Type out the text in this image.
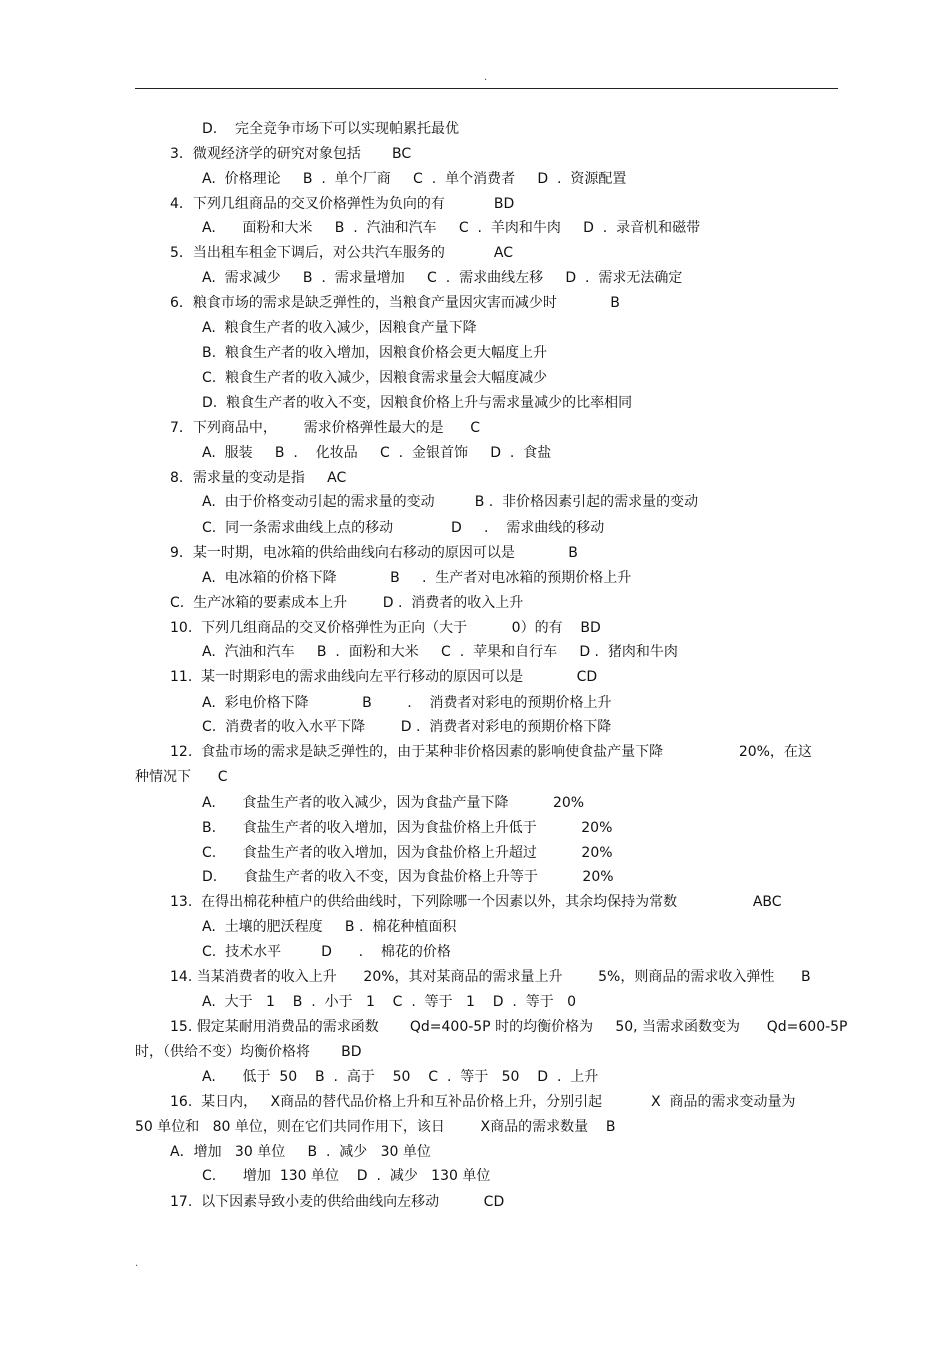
.
D.    完全竞争市场下可以实现帕累托最优
3．微观经济学的研究对象包括       BC
A.  价格理论     B  .  单个厂商     C  .  单个消费者     D  .  资源配置
4．下列几组商品的交叉价格弹性为负向的有           BD
A.      面粉和大米     B  .  汽油和汽车     C  .  羊肉和牛肉     D  .  录音机和磁带
5．当出租车租金下调后，对公共汽车服务的           AC
A.  需求减少     B  .  需求量增加     C  .  需求曲线左移     D  .  需求无法确定
6．粮食市场的需求是缺乏弹性的，当粮食产量因灾害而减少时            B
A.  粮食生产者的收入减少，因粮食产量下降
B.  粮食生产者的收入增加，因粮食价格会更大幅度上升
C.  粮食生产者的收入减少，因粮食需求量会大幅度减少
D.  粮食生产者的收入不变，因粮食价格上升与需求量减少的比率相同
7．下列商品中，      需求价格弹性最大的是      C
A.  服装     B  .    化妆品     C  .  金银首饰     D  .  食盐
8．需求量的变动是指     AC
A.  由于价格变动引起的需求量的变动         B .  非价格因素引起的需求量的变动
C.  同一条需求曲线上点的移动             D     .    需求曲线的移动
9．某一时期，电冰箱的供给曲线向右移动的原因可以是            B
A.  电冰箱的价格下降            B     .  生产者对电冰箱的预期价格上升
C.  生产冰箱的要素成本上升        D .  消费者的收入上升
10.  下列几组商品的交叉价格弹性为正向（大于          0）的有    BD
A.  汽油和汽车     B  .  面粉和大米     C  .  苹果和自行车     D .  猪肉和牛肉
11.  某一时期彩电的需求曲线向左平行移动的原因可以是            CD
A.  彩电价格下降            B        .    消费者对彩电的预期价格上升
C.  消费者的收入水平下降        D .  消费者对彩电的预期价格下降
12.  食盐市场的需求是缺乏弹性的，由于某种非价格因素的影响使食盐产量下降                 20%，在这
种情况下      C
A.      食盐生产者的收入减少，因为食盐产量下降          20%
B.      食盐生产者的收入增加，因为食盐价格上升低于          20%
C.      食盐生产者的收入增加，因为食盐价格上升超过          20%
D.      食盐生产者的收入不变，因为食盐价格上升等于          20%
13.  在得出棉花种植户的供给曲线时，下列除哪一个因素以外，其余均保持为常数                 ABC
A.  土壤的肥沃程度     B .  棉花种植面积
C.  技术水平         D      .    棉花的价格
14. 当某消费者的收入上升      20%，其对某商品的需求量上升        5%，则商品的需求收入弹性      B
A.  大于   1    B  .  小于   1    C  .  等于   1    D  .  等于   0
15. 假定某耐用消费品的需求函数       Qd=400-5P 时的均衡价格为     50, 当需求函数变为      Qd=600-5P
时，（供给不变）均衡价格将       BD
A.      低于  50    B  .  高于    50    C  .  等于   50    D  .  上升
16.  某日内，   X商品的替代品价格上升和互补品价格上升，分别引起           X  商品的需求变动量为
50 单位和   80 单位，则在它们共同作用下，该日        X商品的需求数量    B
A．增加   30 单位     B  .  减少   30 单位
C.      增加  130 单位    D  .  减少   130 单位
17.  以下因素导致小麦的供给曲线向左移动          CD
.
